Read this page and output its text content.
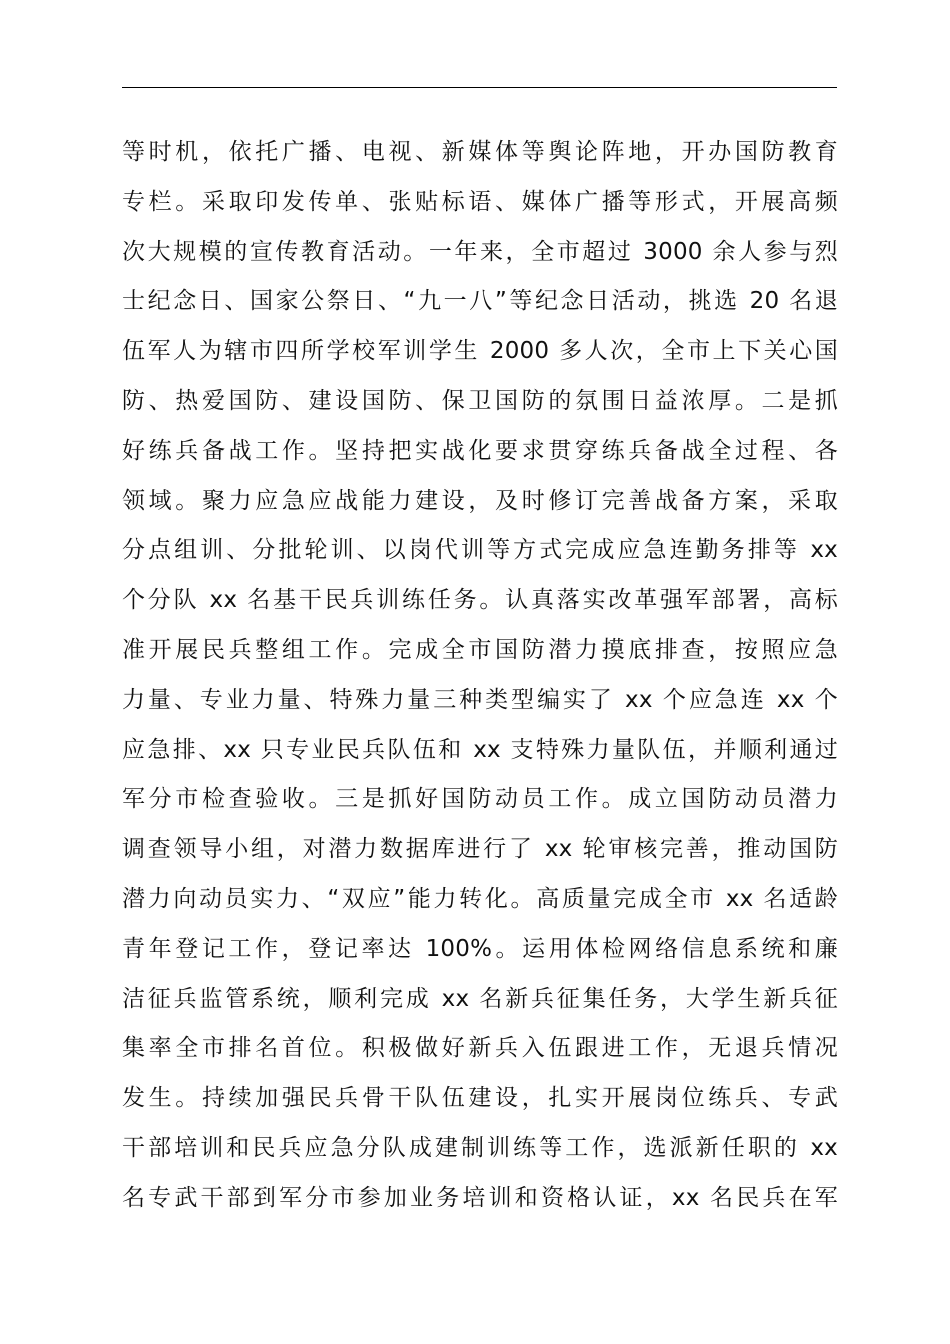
等时机，依托广播、电视、新媒体等舆论阵地，开办国防教育
专栏。采取印发传单、张贴标语、媒体广播等形式，开展高频
次大规模的宣传教育活动。一年来，全市超过 3000 余人参与烈
士纪念日、国家公祭日、“九一八”等纪念日活动，挑选 20 名退
伍军人为辖市四所学校军训学生 2000 多人次，全市上下关心国
防、热爱国防、建设国防、保卫国防的氛围日益浓厚。二是抓
好练兵备战工作。坚持把实战化要求贯穿练兵备战全过程、各
领域。聚力应急应战能力建设，及时修订完善战备方案，采取
分点组训、分批轮训、以岗代训等方式完成应急连勤务排等 xx
个分队 xx 名基干民兵训练任务。认真落实改革强军部署，高标
准开展民兵整组工作。完成全市国防潜力摸底排查，按照应急
力量、专业力量、特殊力量三种类型编实了 xx 个应急连 xx 个
应急排、xx 只专业民兵队伍和 xx 支特殊力量队伍，并顺利通过
军分市检查验收。三是抓好国防动员工作。成立国防动员潜力
调查领导小组，对潜力数据库进行了 xx 轮审核完善，推动国防
潜力向动员实力、“双应”能力转化。高质量完成全市 xx 名适龄
青年登记工作，登记率达 100%。运用体检网络信息系统和廉
洁征兵监管系统，顺利完成 xx 名新兵征集任务，大学生新兵征
集率全市排名首位。积极做好新兵入伍跟进工作，无退兵情况
发生。持续加强民兵骨干队伍建设，扎实开展岗位练兵、专武
干部培训和民兵应急分队成建制训练等工作，选派新任职的 xx
名专武干部到军分市参加业务培训和资格认证，xx 名民兵在军
